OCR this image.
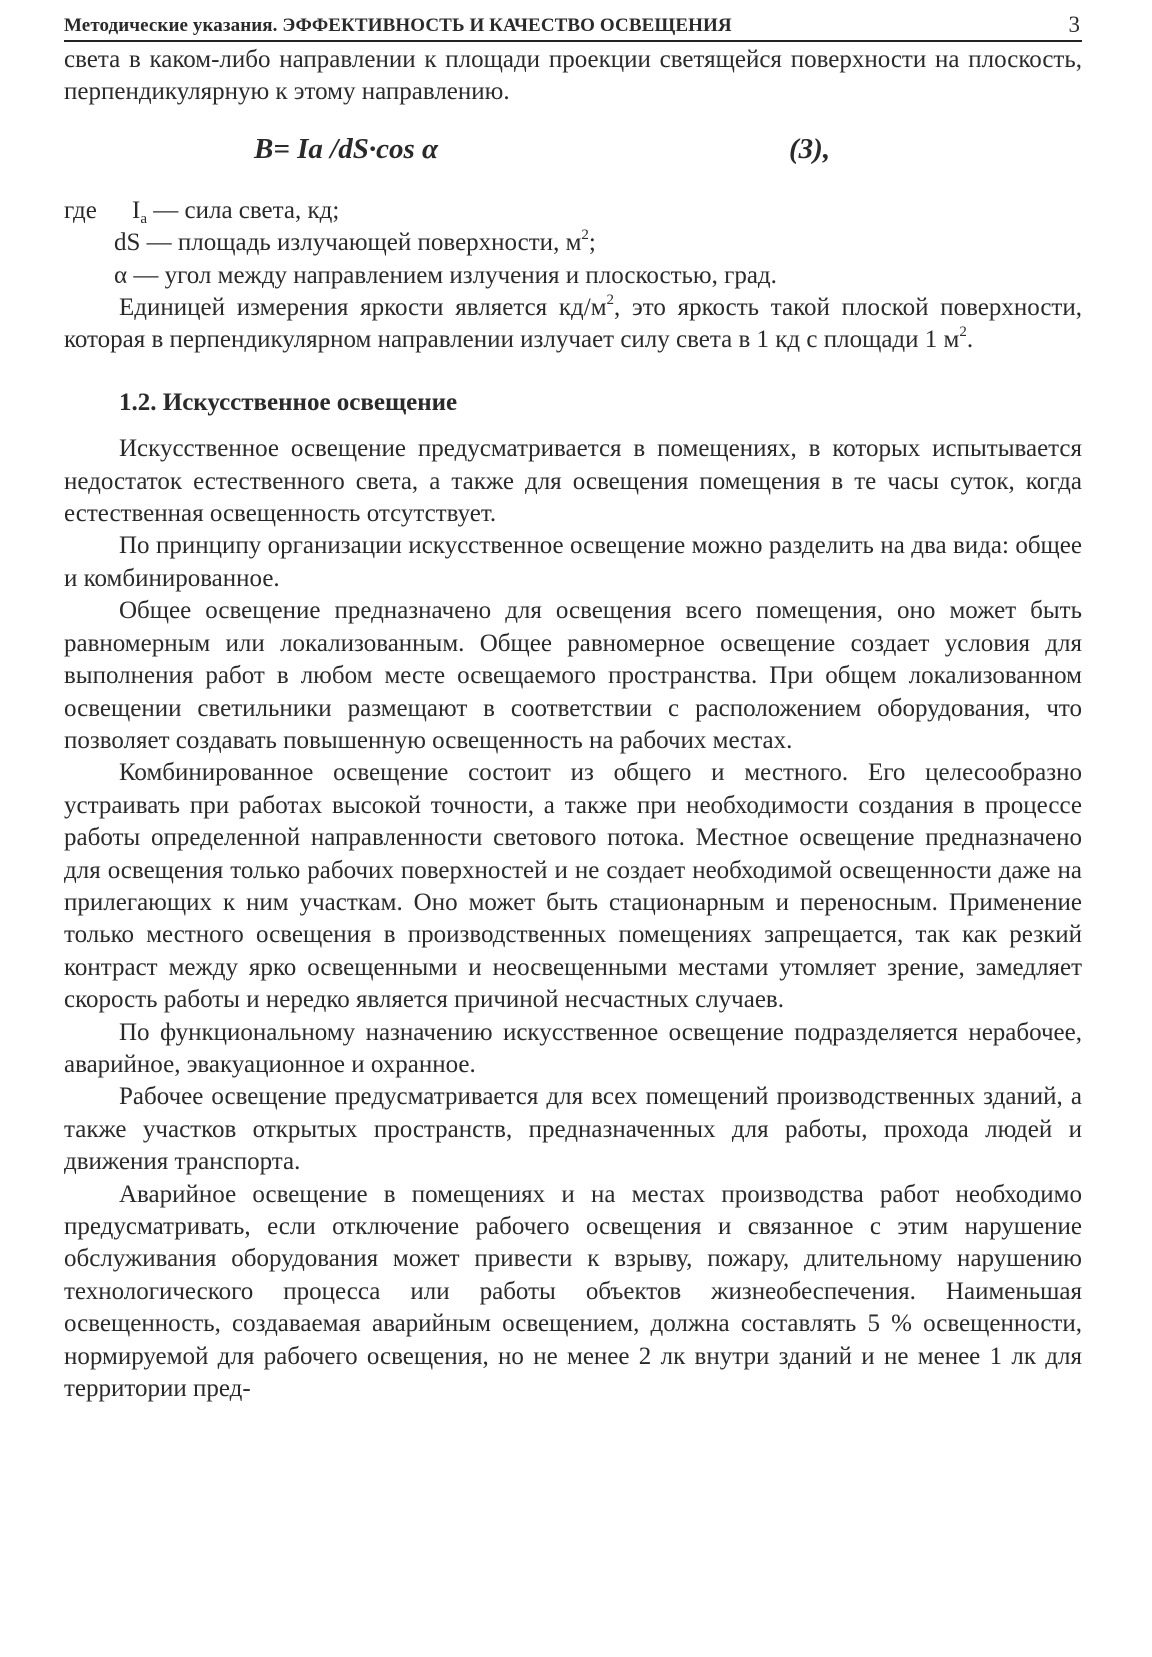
Методические указания. ЭФФЕКТИВНОСТЬ И КАЧЕСТВО ОСВЕЩЕНИЯ	3

света в каком-либо направлении к площади проекции светящейся поверхности на плоскость, перпендикулярную к этому направлению.

B= Ia /dS·cos α	(3),
где $I_a$ — сила света, кд;
dS — площадь излучающей поверхности, $м^2$;
α — угол между направлением излучения и плоскостью, град.

Единицей измерения яркости является $кд/м^2$, это яркость такой плоской поверхности, которая в перпендикулярном направлении излучает силу света в 1 кд с площади 1 $м^2$.

1.2. Искусственное освещение

Искусственное освещение предусматривается в помещениях, в которых испытывается недостаток естественного света, а также для освещения помещения в те часы суток, когда естественная освещенность отсутствует.

По принципу организации искусственное освещение можно разделить на два вида: общее и комбинированное.

Общее освещение предназначено для освещения всего помещения, оно может быть равномерным или локализованным. Общее равномерное освещение создает условия для выполнения работ в любом месте освещаемого пространства. При общем локализованном освещении светильники размещают в соответствии с расположением оборудования, что позволяет создавать повышенную освещенность на рабочих местах.

Комбинированное освещение состоит из общего и местного. Его целесообразно устраивать при работах высокой точности, а также при необходимости создания в процессе работы определенной направленности светового потока. Местное освещение предназначено для освещения только рабочих поверхностей и не создает необходимой освещенности даже на прилегающих к ним участкам. Оно может быть стационарным и переносным. Применение только местного освещения в производственных помещениях запрещается, так как резкий контраст между ярко освещенными и неосвещенными местами утомляет зрение, замедляет скорость работы и нередко является причиной несчастных случаев.

По функциональному назначению искусственное освещение подразделяется нерабочее, аварийное, эвакуационное и охранное.

Рабочее освещение предусматривается для всех помещений производственных зданий, а также участков открытых пространств, предназначенных для работы, прохода людей и движения транспорта.

Аварийное освещение в помещениях и на местах производства работ необходимо предусматривать, если отключение рабочего освещения и связанное с этим нарушение обслуживания оборудования может привести к взрыву, пожару, длительному нарушению технологического процесса или работы объектов жизнеобеспечения. Наименьшая освещенность, создаваемая аварийным освещением, должна составлять 5 % освещенности, нормируемой для рабочего освещения, но не менее 2 лк внутри зданий и не менее 1 лк для территории пред-
